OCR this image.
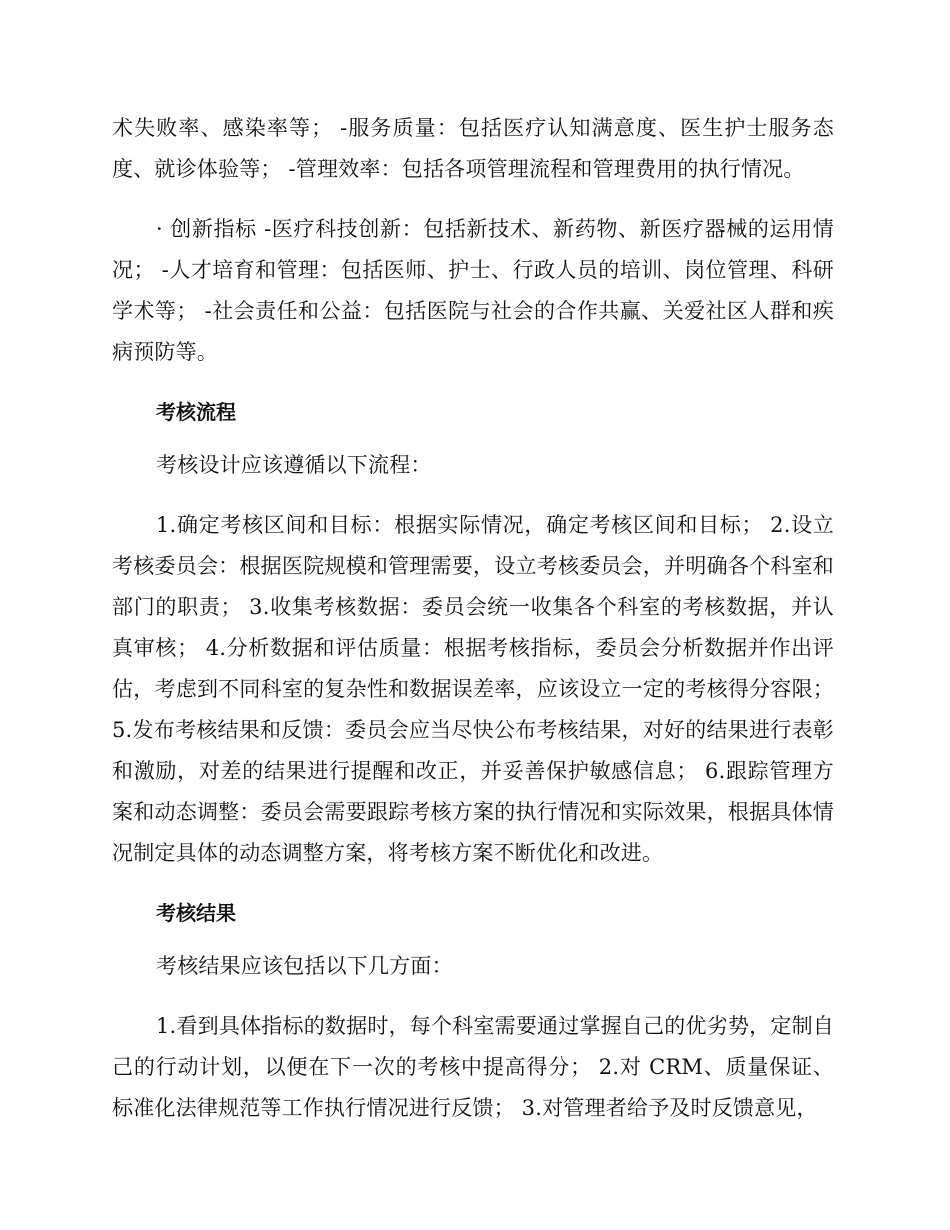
术失败率、感染率等； -服务质量：包括医疗认知满意度、医生护士服务态度、就诊体验等； -管理效率：包括各项管理流程和管理费用的执行情况。

· 创新指标 -医疗科技创新：包括新技术、新药物、新医疗器械的运用情况； -人才培育和管理：包括医师、护士、行政人员的培训、岗位管理、科研学术等； -社会责任和公益：包括医院与社会的合作共赢、关爱社区人群和疾病预防等。

考核流程

考核设计应该遵循以下流程：

1.确定考核区间和目标：根据实际情况，确定考核区间和目标； 2.设立考核委员会：根据医院规模和管理需要，设立考核委员会，并明确各个科室和部门的职责； 3.收集考核数据：委员会统一收集各个科室的考核数据，并认真审核； 4.分析数据和评估质量：根据考核指标，委员会分析数据并作出评估，考虑到不同科室的复杂性和数据误差率，应该设立一定的考核得分容限； 5.发布考核结果和反馈：委员会应当尽快公布考核结果，对好的结果进行表彰和激励，对差的结果进行提醒和改正，并妥善保护敏感信息； 6.跟踪管理方案和动态调整：委员会需要跟踪考核方案的执行情况和实际效果，根据具体情况制定具体的动态调整方案，将考核方案不断优化和改进。

考核结果

考核结果应该包括以下几方面：

1.看到具体指标的数据时，每个科室需要通过掌握自己的优劣势，定制自己的行动计划，以便在下一次的考核中提高得分； 2.对 CRM、质量保证、标准化法律规范等工作执行情况进行反馈； 3.对管理者给予及时反馈意见，
